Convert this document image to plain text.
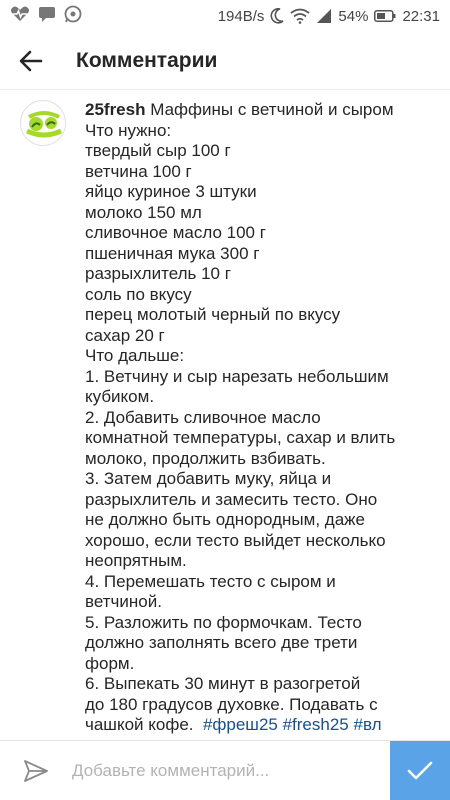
194B/s	54% 22:31
Комментарии
25fresh Маффины с ветчиной и сыром
Что нужно:
твердый сыр 100 г
ветчина 100 г
яйцо куриное 3 штуки
молоко 150 мл
сливочное масло 100 г
пшеничная мука 300 г
разрыхлитель 10 г
соль по вкусу
перец молотый черный по вкусу
сахар 20 г
Что дальше:
1. Ветчину и сыр нарезать небольшим
кубиком.
2. Добавить сливочное масло
комнатной температуры, сахар и влить
молоко, продолжить взбивать.
3. Затем добавить муку, яйца и
разрыхлитель и замесить тесто. Оно
не должно быть однородным, даже
хорошо, если тесто выйдет несколько
неопрятным.
4. Перемешать тесто с сыром и
ветчиной.
5. Разложить по формочкам. Тесто
должно заполнять всего две трети
форм.
6. Выпекать 30 минут в разогретой
до 180 градусов духовке. Подавать с
чашкой кофе. #фреш25 #fresh25 #вл
Добавьте комментарий...
